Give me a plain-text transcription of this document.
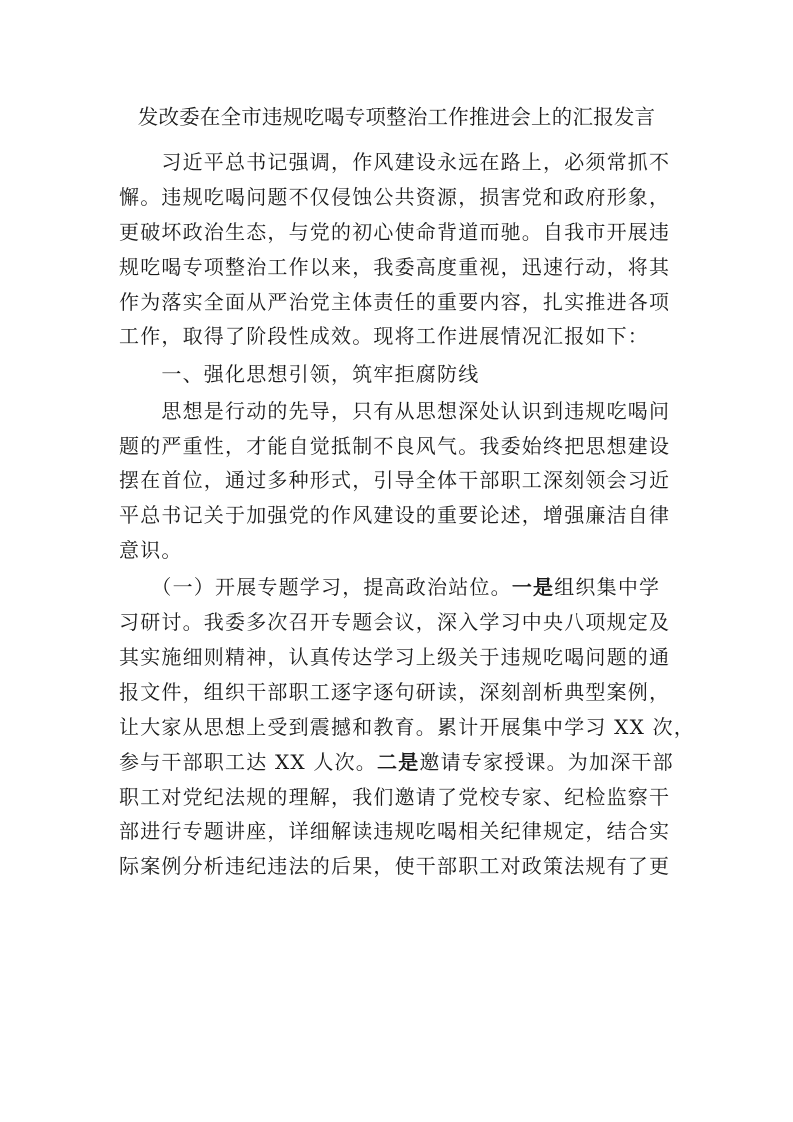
发改委在全市违规吃喝专项整治工作推进会上的汇报发言
　　习近平总书记强调，作风建设永远在路上，必须常抓不
懈。违规吃喝问题不仅侵蚀公共资源，损害党和政府形象，
更破坏政治生态，与党的初心使命背道而驰。自我市开展违
规吃喝专项整治工作以来，我委高度重视，迅速行动，将其
作为落实全面从严治党主体责任的重要内容，扎实推进各项
工作，取得了阶段性成效。现将工作进展情况汇报如下：
　　一、强化思想引领，筑牢拒腐防线
　　思想是行动的先导，只有从思想深处认识到违规吃喝问
题的严重性，才能自觉抵制不良风气。我委始终把思想建设
摆在首位，通过多种形式，引导全体干部职工深刻领会习近
平总书记关于加强党的作风建设的重要论述，增强廉洁自律
意识。
　　（一）开展专题学习，提高政治站位。一是组织集中学
习研讨。我委多次召开专题会议，深入学习中央八项规定及
其实施细则精神，认真传达学习上级关于违规吃喝问题的通
报文件，组织干部职工逐字逐句研读，深刻剖析典型案例，
让大家从思想上受到震撼和教育。累计开展集中学习 XX 次，
参与干部职工达 XX 人次。二是邀请专家授课。为加深干部
职工对党纪法规的理解，我们邀请了党校专家、纪检监察干
部进行专题讲座，详细解读违规吃喝相关纪律规定，结合实
际案例分析违纪违法的后果，使干部职工对政策法规有了更
